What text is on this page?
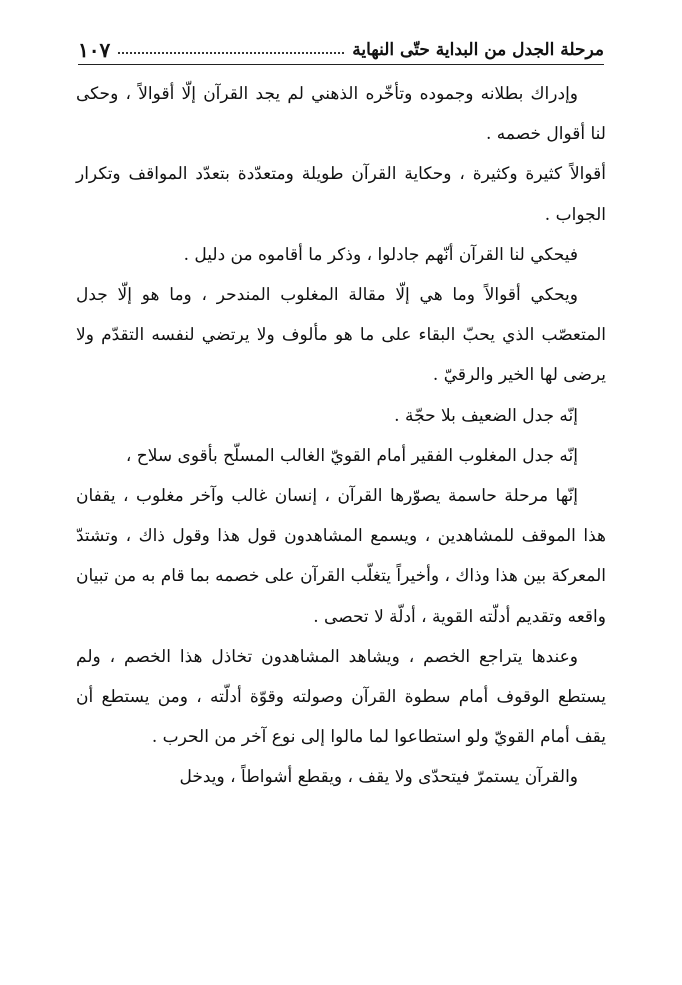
مرحلة الجدل من البداية حتّى النهاية
١٠٧

وإدراك بطلانه وجموده وتأخّره الذهني لم يجد القرآن إلّا أقوالاً ، وحكى لنا أقوال خصمه .

أقوالاً كثيرة وكثيرة ، وحكاية القرآن طويلة ومتعدّدة بتعدّد المواقف وتكرار الجواب .

فيحكي لنا القرآن أنّهم جادلوا ، وذكر ما أقاموه من دليل .

ويحكي أقوالاً وما هي إلّا مقالة المغلوب المندحر ، وما هو إلّا جدل المتعصّب الذي يحبّ البقاء على ما هو مألوف ولا يرتضي لنفسه التقدّم ولا يرضى لها الخير والرقيّ .

إنّه جدل الضعيف بلا حجّة .

إنّه جدل المغلوب الفقير أمام القويّ الغالب المسلّح بأقوى سلاح ،

إنّها مرحلة حاسمة يصوّرها القرآن ، إنسان غالب وآخر مغلوب ، يقفان هذا الموقف للمشاهدين ، ويسمع المشاهدون قول هذا وقول ذاك ، وتشتدّ المعركة بين هذا وذاك ، وأخيراً يتغلّب القرآن على خصمه بما قام به من تبيان واقعه وتقديم أدلّته القوية ، أدلّة لا تحصى .

وعندها يتراجع الخصم ، ويشاهد المشاهدون تخاذل هذا الخصم ، ولم يستطع الوقوف أمام سطوة القرآن وصولته وقوّة أدلّته ، ومن يستطع أن يقف أمام القويّ ولو استطاعوا لما مالوا إلى نوع آخر من الحرب .

والقرآن يستمرّ فيتحدّى ولا يقف ، ويقطع أشواطاً ، ويدخل
